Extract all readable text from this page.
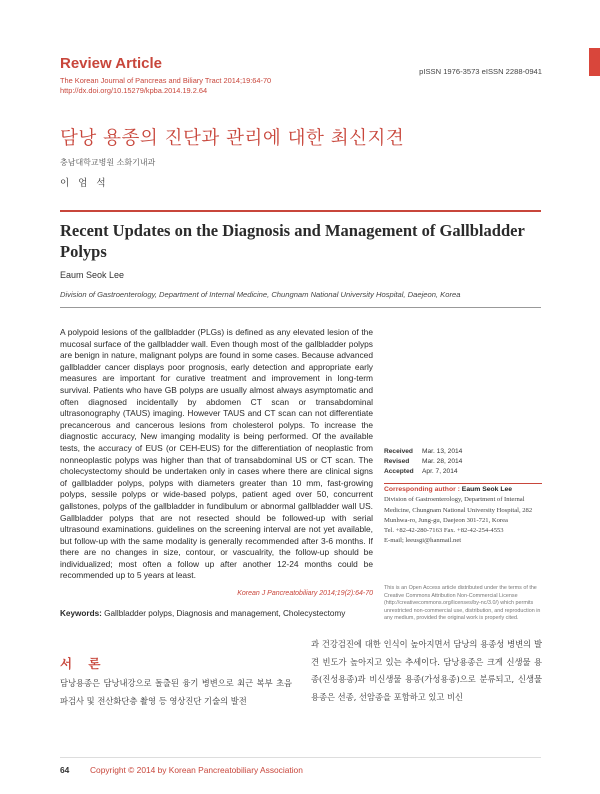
Review Article
The Korean Journal of Pancreas and Biliary Tract 2014;19:64-70
http://dx.doi.org/10.15279/kpba.2014.19.2.64
pISSN 1976-3573 eISSN 2288-0941
담낭 용종의 진단과 관리에 대한 최신지견
충남대학교병원 소화기내과
이 엄 석
Recent Updates on the Diagnosis and Management of Gallbladder Polyps
Eaum Seok Lee
Division of Gastroenterology, Department of Internal Medicine, Chungnam National University Hospital, Daejeon, Korea
A polypoid lesions of the gallbladder (PLGs) is defined as any elevated lesion of the mucosal surface of the gallbladder wall. Even though most of the gallbladder polyps are benign in nature, malignant polyps are found in some cases. Because advanced gallbladder cancer displays poor prognosis, early detection and appropriate early measures are important for curative treatment and improvement in long-term survival. Patients who have GB polyps are usually almost always asymptomatic and often diagnosed incidentally by abdomen CT scan or transabdominal ultrasonography (TAUS) imaging. However TAUS and CT scan can not differentiate precancerous and cancerous lesions from cholesterol polyps. To increase the diagnostic accuracy, New imanging modality is being performed. Of the available tests, the accuracy of EUS (or CEH-EUS) for the differentiation of neoplastic from nonneoplastic polyps was higher than that of transabdominal US or CT scan. The cholecystectomy should be undertaken only in cases where there are clinical signs of gallbladder polyps, polyps with diameters greater than 10 mm, fast-growing polyps, sessile polyps or wide-based polyps, patient aged over 50, concurrent gallstones, polyps of the gallbladder in fundibulum or abnormal gallbladder wall US. Gallbladder polyps that are not resected should be followed-up with serial ultrasound examinations. guidelines on the screening interval are not yet available, but follow-up with the same modality is generally recommended after 3-6 months. If there are no changes in size, contour, or vascualrity, the follow-up should be individualized; most often a follow up after another 12-24 months could be recommended up to 5 years at least.
Korean J Pancreatobiliary 2014;19(2):64-70
Keywords: Gallbladder polyps, Diagnosis and management, Cholecystectomy
Received Mar. 13, 2014
Revised Mar. 28, 2014
Accepted Apr. 7, 2014
Corresponding author : Eaum Seok Lee
Division of Gastroenterology, Department of Internal Medicine, Chungnam National University Hospital, 282 Munhwa-ro, Jung-gu, Daejeon 301-721, Korea
Tel. +82-42-280-7163 Fax. +82-42-254-4553
E-mail; leeusgi@hanmail.net
This is an Open Access article distributed under the terms of the Creative Commons Attribution Non-Commercial License (http://creativecommons.org/licenses/by-nc/3.0/) which permits unrestricted non-commercial use, distribution, and reproduction in any medium, provided the original work is properly cited.
서 론
담낭용종은 담낭내강으로 돌출된 융기 병변으로 최근 복부 초음파검사 및 전산화단층 촬영 등 영상진단 기술의 발전
과 건강검진에 대한 인식이 높아지면서 담낭의 용종성 병변의 발견 빈도가 높아지고 있는 추세이다. 담낭용종은 크게 신생물 용종(진성용종)과 비신생물 용종(가성용종)으로 분류되고, 신생물 용종은 선종, 선암종을 포함하고 있고 비신
64 Copyright © 2014 by Korean Pancreatobiliary Association
